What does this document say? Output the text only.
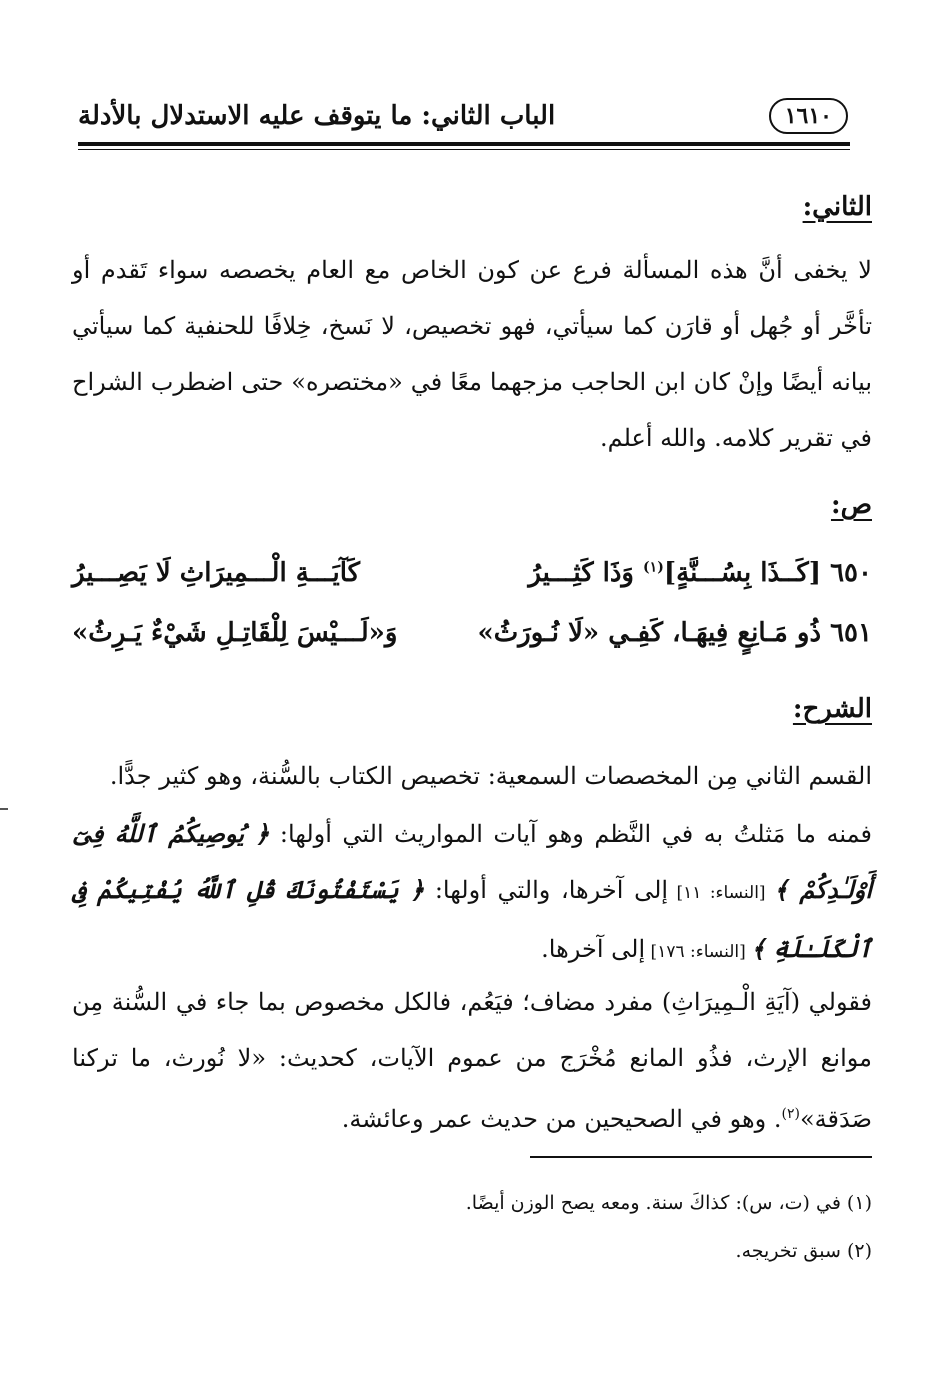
الباب الثاني: ما يتوقف عليه الاستدلال بالأدلة	١٦١٠
الثاني:
لا يخفى أنَّ هذه المسألة فرع عن كون الخاص مع العام يخصصه سواء تَقدم أو تأخَّر أو جُهل أو قارَن كما سيأتي، فهو تخصيص، لا نَسخ، خِلافًا للحنفية كما سيأتي بيانه أيضًا وإنْ كان ابن الحاجب مزجهما معًا في «مختصره» حتى اضطرب الشراح في تقرير كلامه. والله أعلم.
ص:
٦٥٠ [كَــذَا بِسُـــنَّةٍ]$^{(١)}$ وَذَا كَثِـــيرُ
كَآيَـــةِ الْـــمِيرَاثِ لَا يَصِـــيرُ
٦٥١ ذُو مَـانِعٍ فِيهَـا، كَفِـي «لَا نُـورَثُ»
وَ«لَـــيْسَ لِلْقَاتِـلِ شَيْءٌ يَـرِثُ»
الشرح:
القسم الثاني مِن المخصصات السمعية: تخصيص الكتاب بالسُّنة، وهو كثير جدًّا.
فمنه ما مَثلتُ به في النَّظم وهو آيات المواريث التي أولها: ﴿ يُوصِيكُمُ ٱللَّهُ فِىٓ أَوْلَـٰدِكُمْ ﴾ [النساء: ١١] إلى آخرها، والتي أولها: ﴿ يَسْتَفْتُونَكَ قُلِ ٱللَّهُ يُفْتِيكُمْ فِى ٱلْكَلَـٰلَةِ ﴾ [النساء: ١٧٦] إلى آخرها.
فقولي (آيَةِ الْـمِيرَاثِ) مفرد مضاف؛ فيَعُم، فالكل مخصوص بما جاء في السُّنة مِن موانع الإرث، فذُو المانع مُخْرَج من عموم الآيات، كحديث: «لا نُورث، ما تركنا صَدَقة»$^{(٢)}$. وهو في الصحيحين من حديث عمر وعائشة.
(١) في (ت، س): كذاكَ سنة. ومعه يصح الوزن أيضًا.
(٢) سبق تخريجه.
